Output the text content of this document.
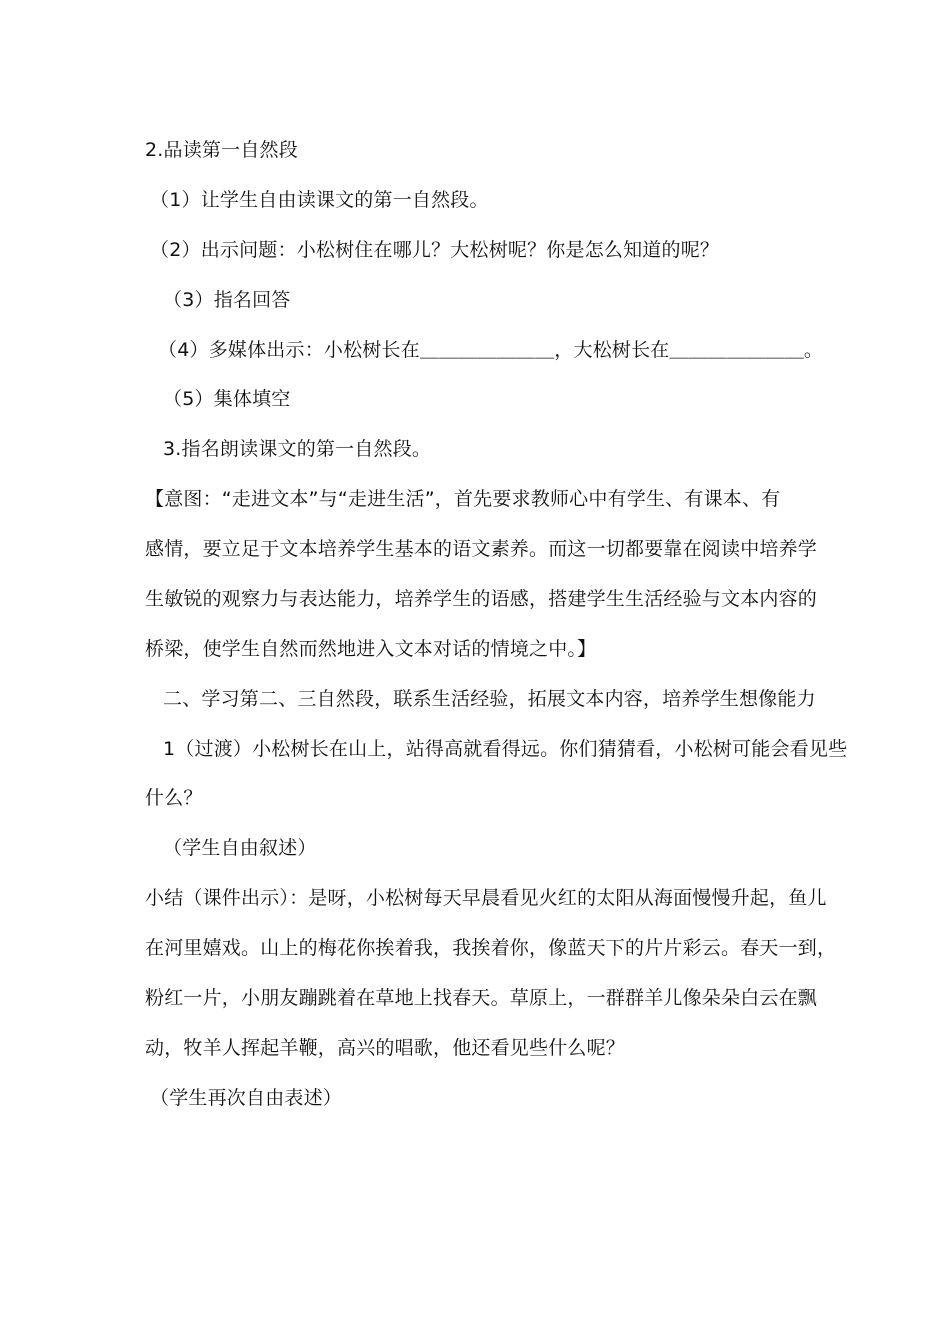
2.品读第一自然段
（1）让学生自由读课文的第一自然段。
（2）出示问题：小松树住在哪儿？大松树呢？你是怎么知道的呢？
（3）指名回答
（4）多媒体出示：小松树长在＿＿＿＿＿＿＿，大松树长在＿＿＿＿＿＿＿。
（5）集体填空
3.指名朗读课文的第一自然段。
【意图：“走进文本”与“走进生活”，首先要求教师心中有学生、有课本、有
感情，要立足于文本培养学生基本的语文素养。而这一切都要靠在阅读中培养学
生敏锐的观察力与表达能力，培养学生的语感，搭建学生生活经验与文本内容的
桥梁，使学生自然而然地进入文本对话的情境之中。】
二、学习第二、三自然段，联系生活经验，拓展文本内容，培养学生想像能力
1（过渡）小松树长在山上，站得高就看得远。你们猜猜看，小松树可能会看见些
什么？
（学生自由叙述）
小结（课件出示）：是呀，小松树每天早晨看见火红的太阳从海面慢慢升起，鱼儿
在河里嬉戏。山上的梅花你挨着我，我挨着你，像蓝天下的片片彩云。春天一到，
粉红一片，小朋友蹦跳着在草地上找春天。草原上，一群群羊儿像朵朵白云在飘
动，牧羊人挥起羊鞭，高兴的唱歌，他还看见些什么呢？
（学生再次自由表述）
